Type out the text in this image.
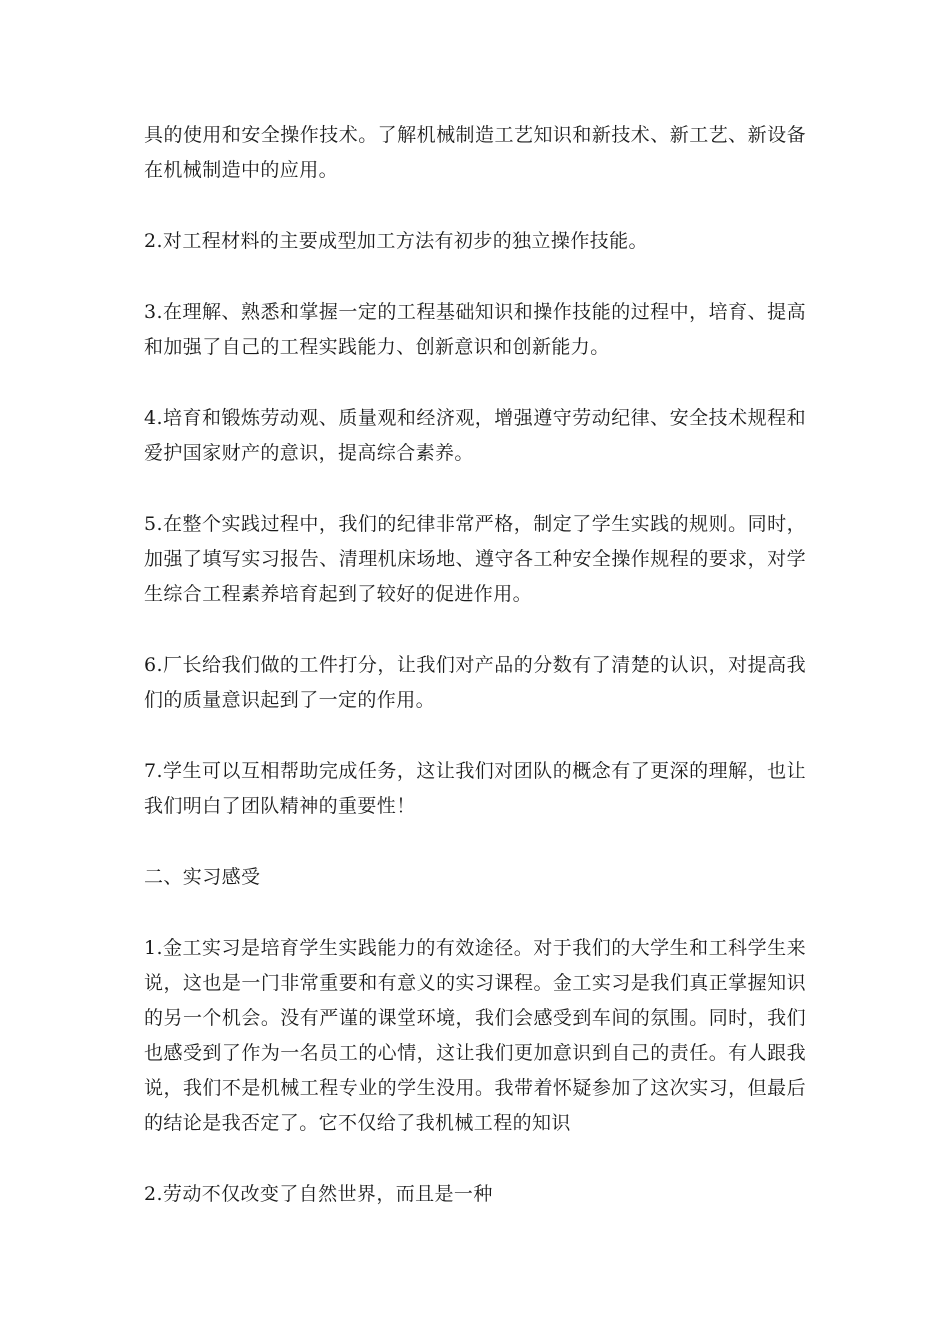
具的使用和安全操作技术。了解机械制造工艺知识和新技术、新工艺、新设备在机械制造中的应用。

2.对工程材料的主要成型加工方法有初步的独立操作技能。

3.在理解、熟悉和掌握一定的工程基础知识和操作技能的过程中，培育、提高和加强了自己的工程实践能力、创新意识和创新能力。

4.培育和锻炼劳动观、质量观和经济观，增强遵守劳动纪律、安全技术规程和爱护国家财产的意识，提高综合素养。

5.在整个实践过程中，我们的纪律非常严格，制定了学生实践的规则。同时，加强了填写实习报告、清理机床场地、遵守各工种安全操作规程的要求，对学生综合工程素养培育起到了较好的促进作用。

6.厂长给我们做的工件打分，让我们对产品的分数有了清楚的认识，对提高我们的质量意识起到了一定的作用。

7.学生可以互相帮助完成任务，这让我们对团队的概念有了更深的理解，也让我们明白了团队精神的重要性！

二、实习感受

1.金工实习是培育学生实践能力的有效途径。对于我们的大学生和工科学生来说，这也是一门非常重要和有意义的实习课程。金工实习是我们真正掌握知识的另一个机会。没有严谨的课堂环境，我们会感受到车间的氛围。同时，我们也感受到了作为一名员工的心情，这让我们更加意识到自己的责任。有人跟我说，我们不是机械工程专业的学生没用。我带着怀疑参加了这次实习，但最后的结论是我否定了。它不仅给了我机械工程的知识

2.劳动不仅改变了自然世界，而且是一种
